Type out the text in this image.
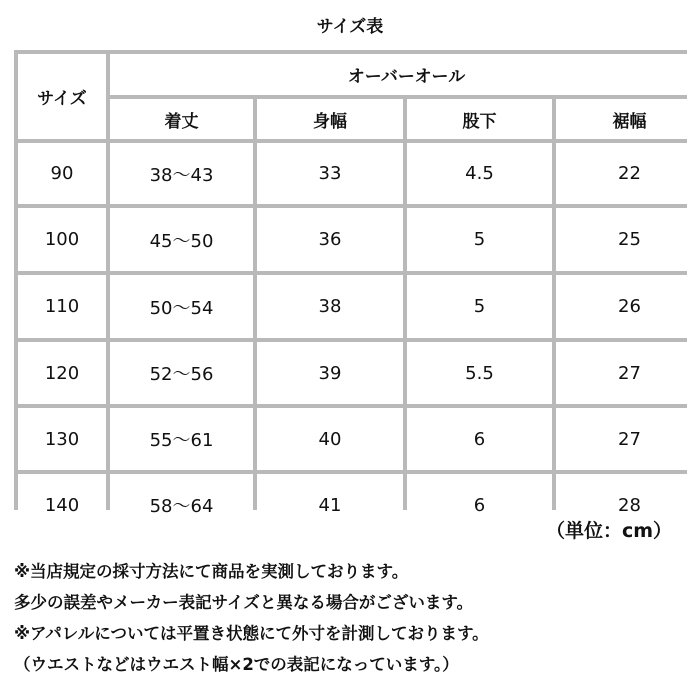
サイズ表
サイズ
オーバーオール
着丈	身幅	股下	裾幅
90	38〜43	33	4.5	22
100	45〜50	36	5	25
110	50〜54	38	5	26
120	52〜56	39	5.5	27
130	55〜61	40	6	27
140	58〜64	41	6	28
（単位：cm）
※当店規定の採寸方法にて商品を実測しております。
多少の誤差やメーカー表記サイズと異なる場合がございます。
※アパレルについては平置き状態にて外寸を計測しております。
（ウエストなどはウエスト幅×2での表記になっています。）
